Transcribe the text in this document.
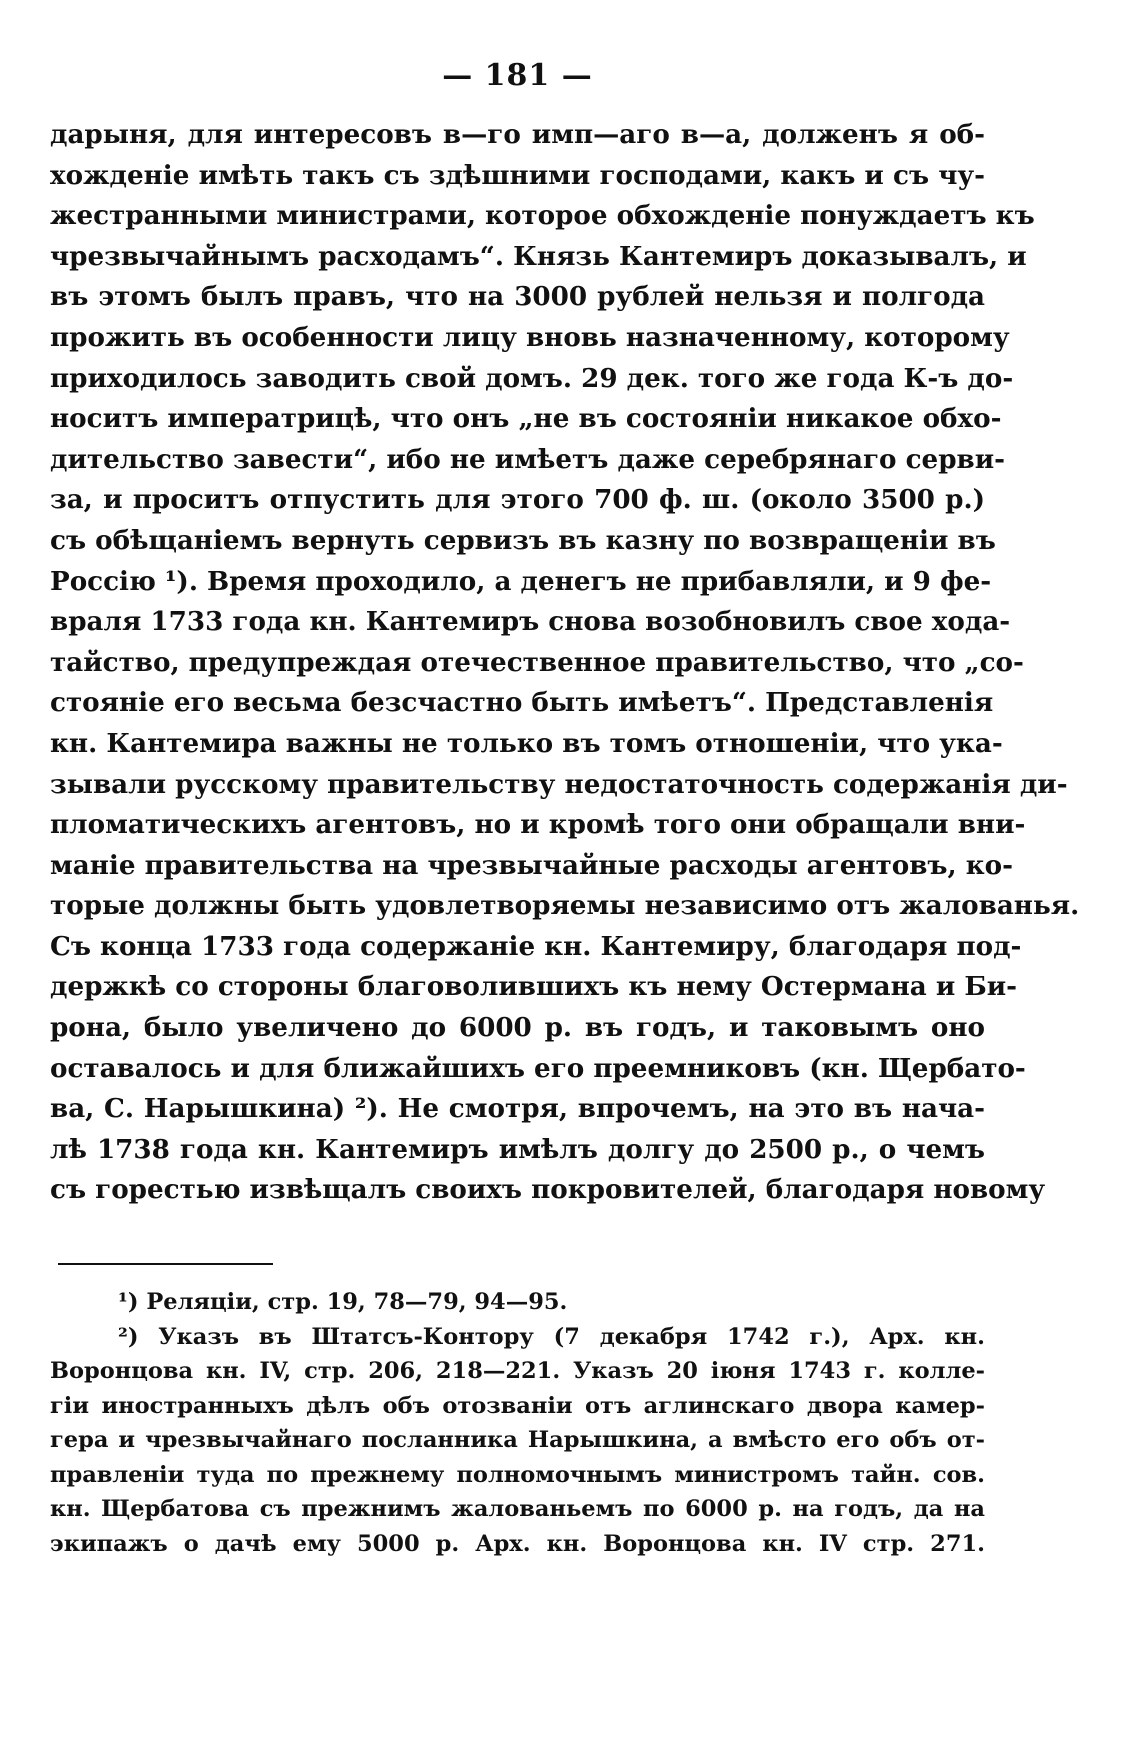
— 181 —
дарыня, для интересовъ в—го имп—аго в—а, долженъ я об-
хожденіе имѣть такъ съ здѣшними господами, какъ и съ чу-
жестранными министрами, которое обхожденіе понуждаетъ къ
чрезвычайнымъ расходамъ“. Князь Кантемиръ доказывалъ, и
въ этомъ былъ правъ, что на 3000 рублей нельзя и полгода
прожить въ особенности лицу вновь назначенному, которому
приходилось заводить свой домъ. 29 дек. того же года К-ъ до-
носитъ императрицѣ, что онъ „не въ состояніи никакое обхо-
дительство завести“, ибо не имѣетъ даже серебрянаго серви-
за, и проситъ отпустить для этого 700 ф. ш. (около 3500 р.)
съ обѣщаніемъ вернуть сервизъ въ казну по возвращеніи въ
Россію ¹). Время проходило, а денегъ не прибавляли, и 9 фе-
враля 1733 года кн. Кантемиръ снова возобновилъ свое хода-
тайство, предупреждая отечественное правительство, что „со-
стояніе его весьма безсчастно быть имѣетъ“. Представленія
кн. Кантемира важны не только въ томъ отношеніи, что ука-
зывали русскому правительству недостаточность содержанія ди-
пломатическихъ агентовъ, но и кромѣ того они обращали вни-
маніе правительства на чрезвычайные расходы агентовъ, ко-
торые должны быть удовлетворяемы независимо отъ жалованья.
Съ конца 1733 года содержаніе кн. Кантемиру, благодаря под-
держкѣ со стороны благоволившихъ къ нему Остермана и Би-
рона, было увеличено до 6000 р. въ годъ, и таковымъ оно
оставалось и для ближайшихъ его преемниковъ (кн. Щербато-
ва, С. Нарышкина) ²). Не смотря, впрочемъ, на это въ нача-
лѣ 1738 года кн. Кантемиръ имѣлъ долгу до 2500 р., о чемъ
съ горестью извѣщалъ своихъ покровителей, благодаря новому
¹) Реляціи, стр. 19, 78—79, 94—95.
²) Указъ въ Штатсъ-Контору (7 декабря 1742 г.), Арх. кн.
Воронцова кн. IV, стр. 206, 218—221. Указъ 20 іюня 1743 г. колле-
гіи иностранныхъ дѣлъ объ отозваніи отъ аглинскаго двора камер-
гера и чрезвычайнаго посланника Нарышкина, а вмѣсто его объ от-
правленіи туда по прежнему полномочнымъ министромъ тайн. сов.
кн. Щербатова съ прежнимъ жалованьемъ по 6000 р. на годъ, да на
экипажъ о дачѣ ему 5000 р. Арх. кн. Воронцова кн. IV стр. 271.
